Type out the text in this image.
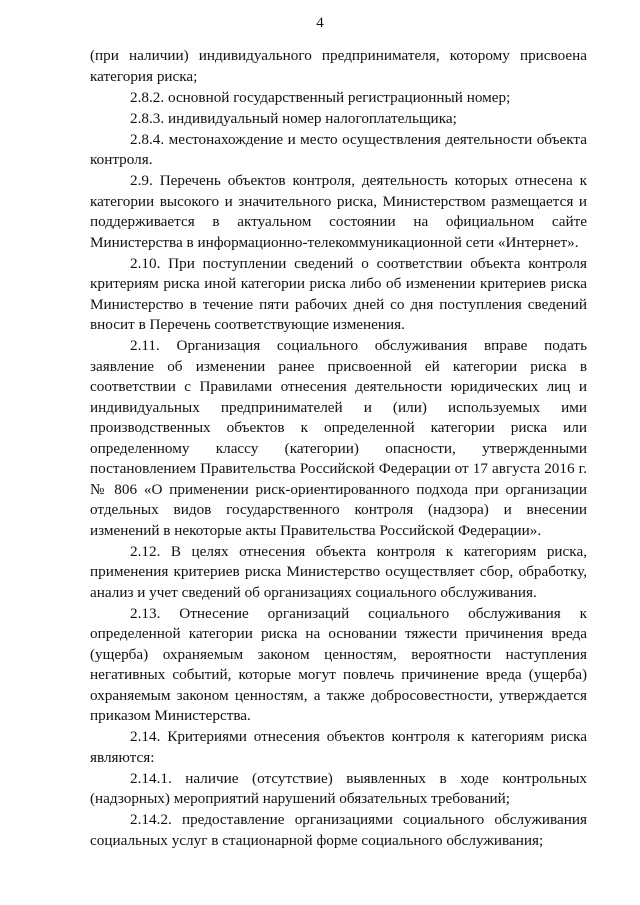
4

(при наличии) индивидуального предпринимателя, которому присвоена категория риска;

2.8.2. основной государственный регистрационный номер;

2.8.3. индивидуальный номер налогоплательщика;

2.8.4. местонахождение и место осуществления деятельности объекта контроля.

2.9. Перечень объектов контроля, деятельность которых отнесена к категории высокого и значительного риска, Министерством размещается и поддерживается в актуальном состоянии на официальном сайте Министерства в информационно-телекоммуникационной сети «Интернет».

2.10. При поступлении сведений о соответствии объекта контроля критериям риска иной категории риска либо об изменении критериев риска Министерство в течение пяти рабочих дней со дня поступления сведений вносит в Перечень соответствующие изменения.

2.11. Организация социального обслуживания вправе подать заявление об изменении ранее присвоенной ей категории риска в соответствии с Правилами отнесения деятельности юридических лиц и индивидуальных предпринимателей и (или) используемых ими производственных объектов к определенной категории риска или определенному классу (категории) опасности, утвержденными постановлением Правительства Российской Федерации от 17 августа 2016 г. № 806 «О применении риск-ориентированного подхода при организации отдельных видов государственного контроля (надзора) и внесении изменений в некоторые акты Правительства Российской Федерации».

2.12. В целях отнесения объекта контроля к категориям риска, применения критериев риска Министерство осуществляет сбор, обработку, анализ и учет сведений об организациях социального обслуживания.

2.13. Отнесение организаций социального обслуживания к определенной категории риска на основании тяжести причинения вреда (ущерба) охраняемым законом ценностям, вероятности наступления негативных событий, которые могут повлечь причинение вреда (ущерба) охраняемым законом ценностям, а также добросовестности, утверждается приказом Министерства.

2.14. Критериями отнесения объектов контроля к категориям риска являются:

2.14.1. наличие (отсутствие) выявленных в ходе контрольных (надзорных) мероприятий нарушений обязательных требований;

2.14.2. предоставление организациями социального обслуживания социальных услуг в стационарной форме социального обслуживания;
